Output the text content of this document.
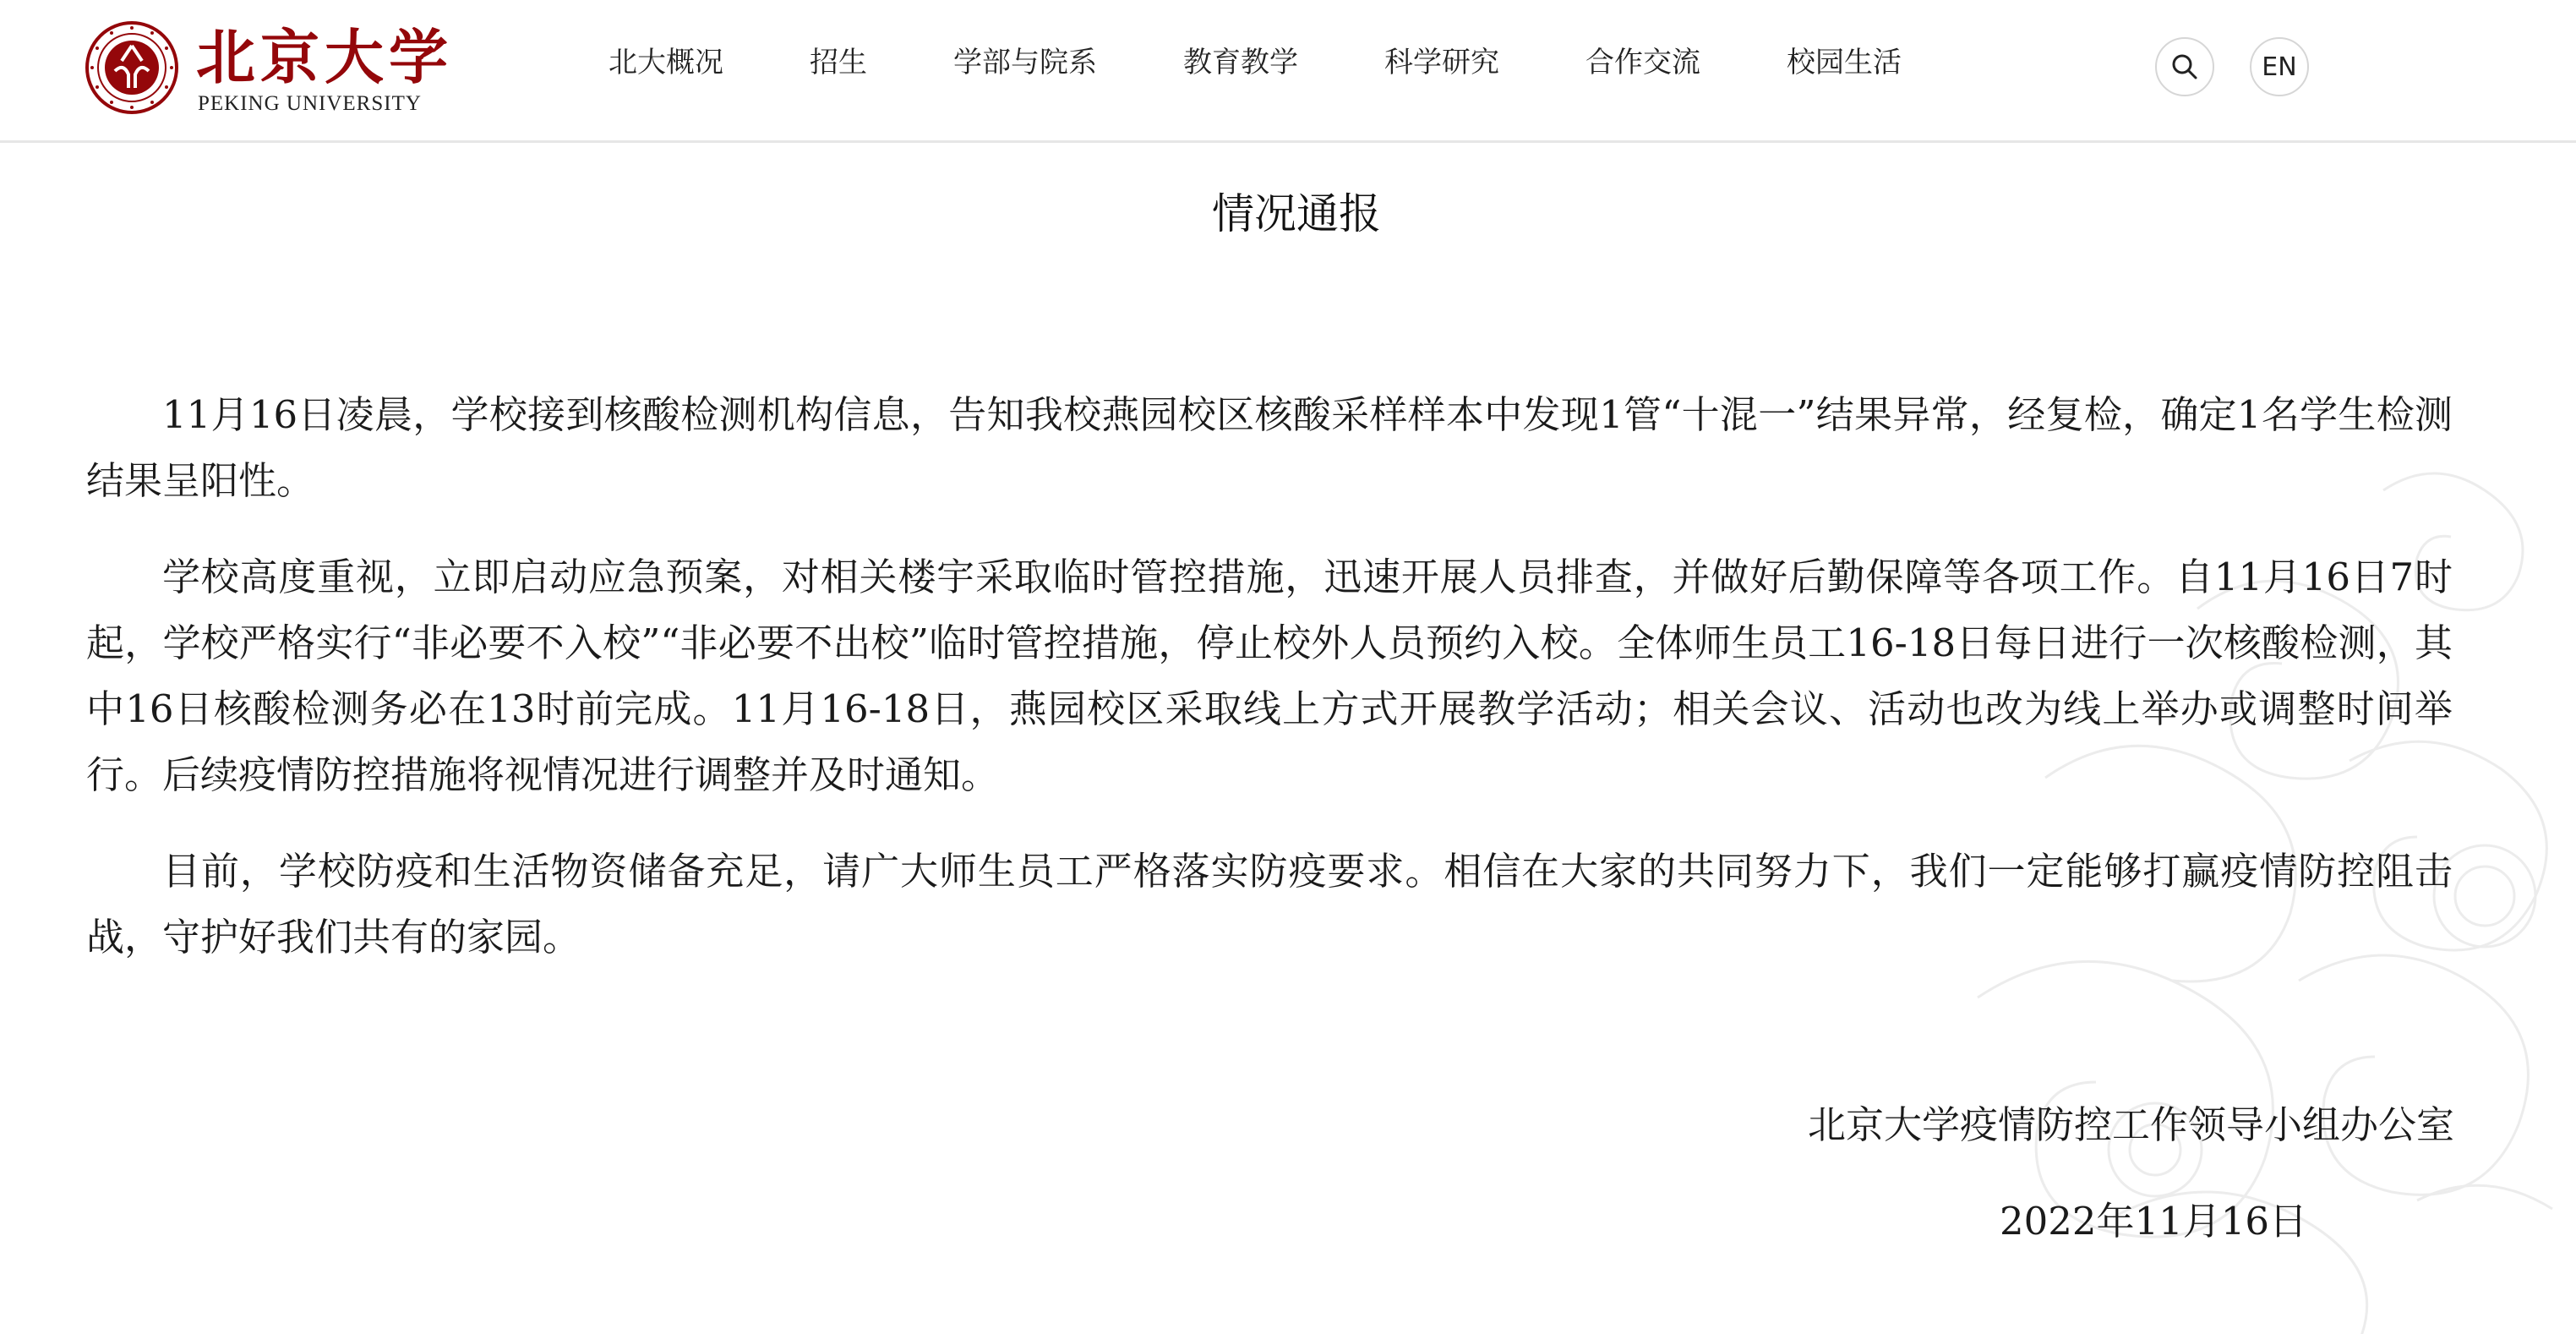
北京大学
PEKING UNIVERSITY
北大概况	招生	学部与院系	教育教学	科学研究	合作交流	校园生活	EN
情况通报

11月16日凌晨，学校接到核酸检测机构信息，告知我校燕园校区核酸采样样本中发现1管“十混一”结果异常，经复检，确定1名学生检测结果呈阳性。

学校高度重视，立即启动应急预案，对相关楼宇采取临时管控措施，迅速开展人员排查，并做好后勤保障等各项工作。自11月16日7时起，学校严格实行“非必要不入校”“非必要不出校”临时管控措施，停止校外人员预约入校。全体师生员工16-18日每日进行一次核酸检测，其中16日核酸检测务必在13时前完成。11月16-18日，燕园校区采取线上方式开展教学活动；相关会议、活动也改为线上举办或调整时间举行。后续疫情防控措施将视情况进行调整并及时通知。

目前，学校防疫和生活物资储备充足，请广大师生员工严格落实防疫要求。相信在大家的共同努力下，我们一定能够打赢疫情防控阻击战，守护好我们共有的家园。

北京大学疫情防控工作领导小组办公室
2022年11月16日
